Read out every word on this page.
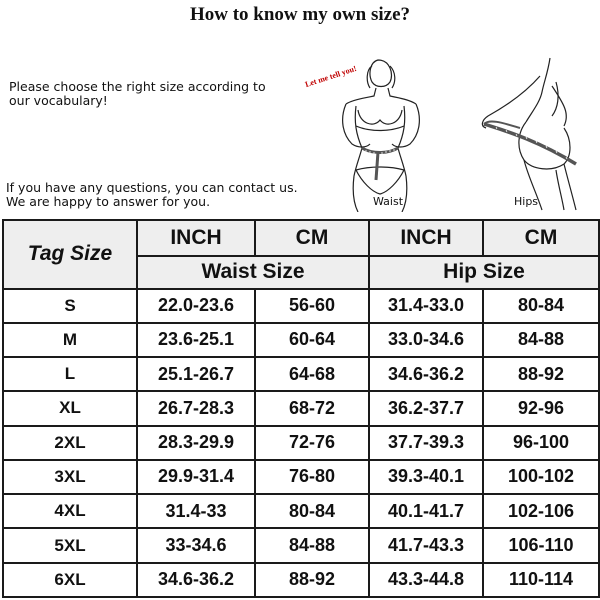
How to know my own size?
Please choose the right size according to
our vocabulary!
If you have any questions, you can contact us.
We are happy to answer for you.
Let me tell you!
Waist	Hips
Tag Size	INCH	CM	INCH	CM
	Waist Size		Hip Size	
S	22.0-23.6	56-60	31.4-33.0	80-84
M	23.6-25.1	60-64	33.0-34.6	84-88
L	25.1-26.7	64-68	34.6-36.2	88-92
XL	26.7-28.3	68-72	36.2-37.7	92-96
2XL	28.3-29.9	72-76	37.7-39.3	96-100
3XL	29.9-31.4	76-80	39.3-40.1	100-102
4XL	31.4-33	80-84	40.1-41.7	102-106
5XL	33-34.6	84-88	41.7-43.3	106-110
6XL	34.6-36.2	88-92	43.3-44.8	110-114
